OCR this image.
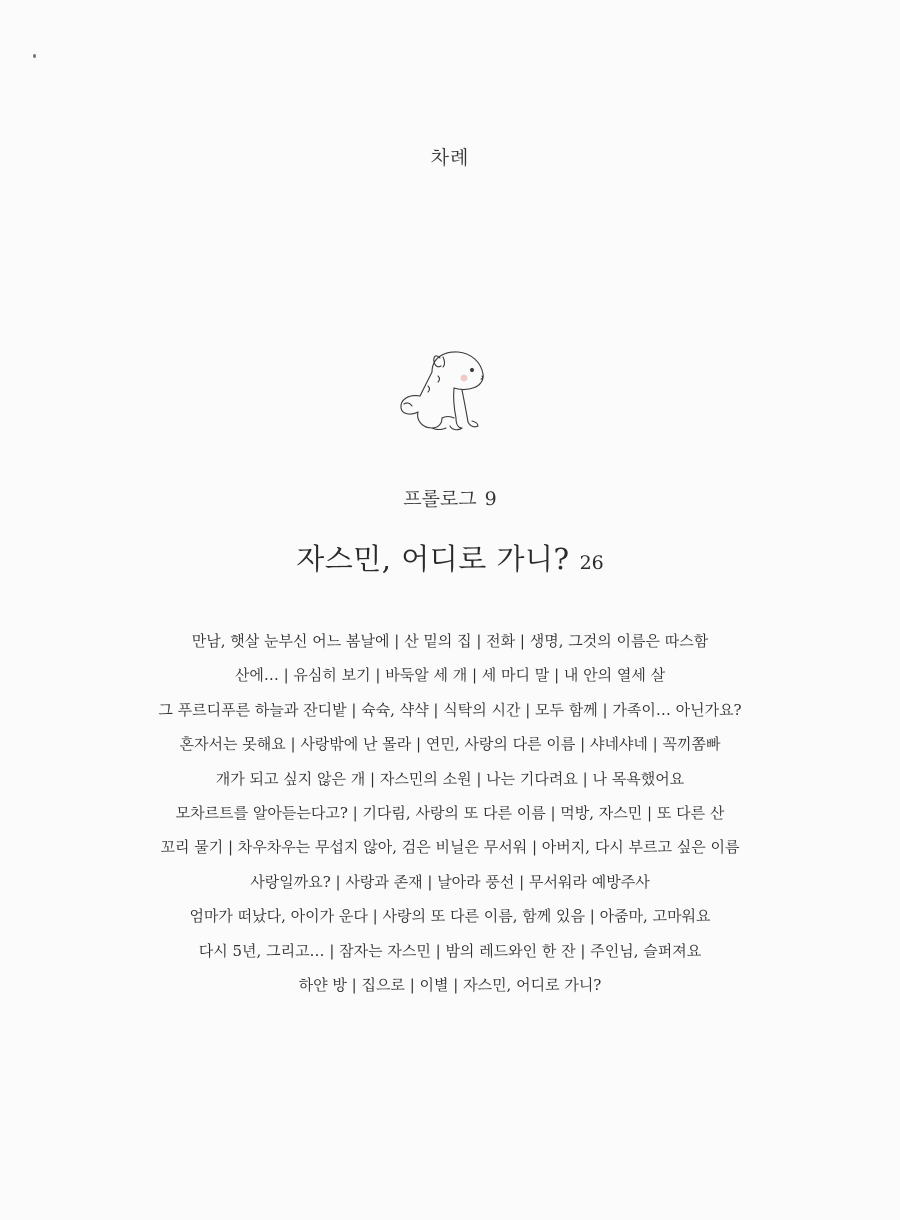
차례
프롤로그 9
자스민, 어디로 가니? 26
만남, 햇살 눈부신 어느 봄날에 | 산 밑의 집 | 전화 | 생명, 그것의 이름은 따스함
산에… | 유심히 보기 | 바둑알 세 개 | 세 마디 말 | 내 안의 열세 살
그 푸르디푸른 하늘과 잔디밭 | 슉슉, 샥샥 | 식탁의 시간 | 모두 함께 | 가족이… 아닌가요?
혼자서는 못해요 | 사랑밖에 난 몰라 | 연민, 사랑의 다른 이름 | 샤네샤네 | 꼭끼쫌빠
개가 되고 싶지 않은 개 | 자스민의 소원 | 나는 기다려요 | 나 목욕했어요
모차르트를 알아듣는다고? | 기다림, 사랑의 또 다른 이름 | 먹방, 자스민 | 또 다른 산
꼬리 물기 | 차우차우는 무섭지 않아, 검은 비닐은 무서워 | 아버지, 다시 부르고 싶은 이름
사랑일까요? | 사랑과 존재 | 날아라 풍선 | 무서워라 예방주사
엄마가 떠났다, 아이가 운다 | 사랑의 또 다른 이름, 함께 있음 | 아줌마, 고마워요
다시 5년, 그리고… | 잠자는 자스민 | 밤의 레드와인 한 잔 | 주인님, 슬퍼져요
하얀 방 | 집으로 | 이별 | 자스민, 어디로 가니?
